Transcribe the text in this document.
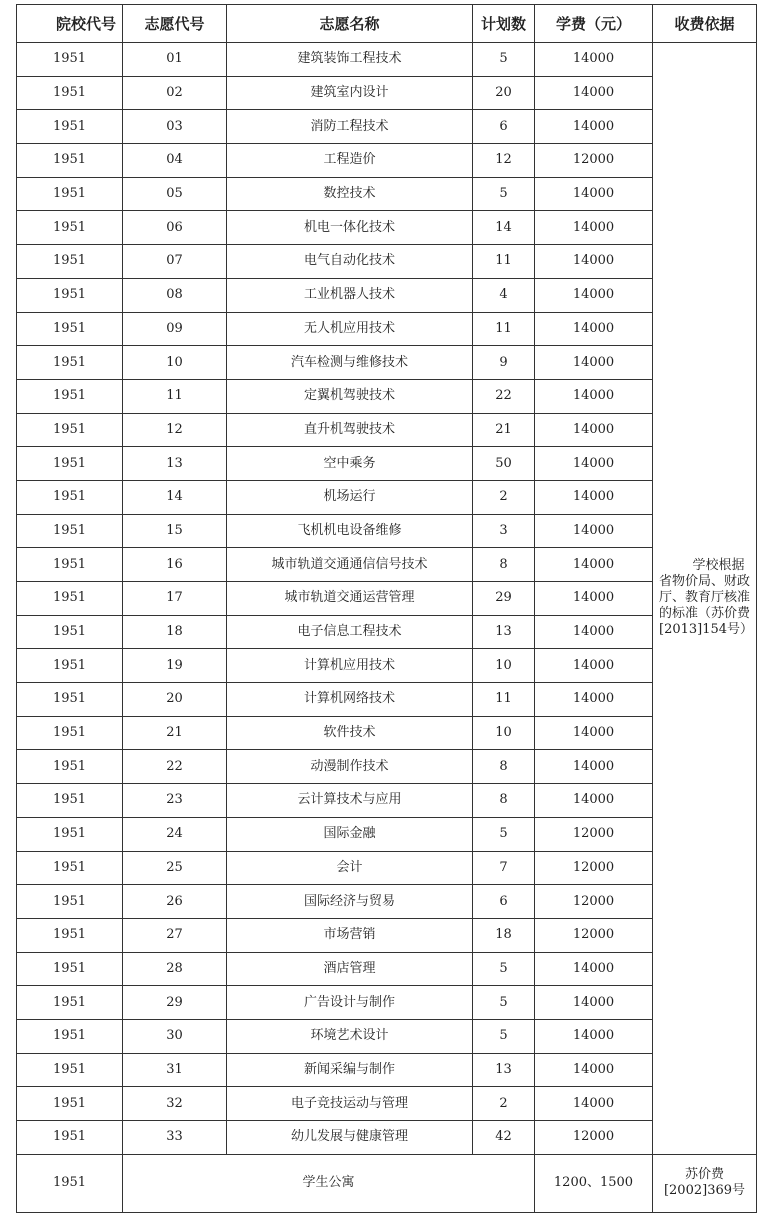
院校代号	志愿代号	志愿名称	计划数	学费（元）	收费依据
1951	01	建筑装饰工程技术	5	14000	学校根据省物价局、财政厅、教育厅核准的标准（苏价费[2013]154号）
1951	02	建筑室内设计	20	14000	
1951	03	消防工程技术	6	14000	
1951	04	工程造价	12	12000	
1951	05	数控技术	5	14000	
1951	06	机电一体化技术	14	14000	
1951	07	电气自动化技术	11	14000	
1951	08	工业机器人技术	4	14000	
1951	09	无人机应用技术	11	14000	
1951	10	汽车检测与维修技术	9	14000	
1951	11	定翼机驾驶技术	22	14000	
1951	12	直升机驾驶技术	21	14000	
1951	13	空中乘务	50	14000	
1951	14	机场运行	2	14000	
1951	15	飞机机电设备维修	3	14000	
1951	16	城市轨道交通通信信号技术	8	14000	
1951	17	城市轨道交通运营管理	29	14000	
1951	18	电子信息工程技术	13	14000	
1951	19	计算机应用技术	10	14000	
1951	20	计算机网络技术	11	14000	
1951	21	软件技术	10	14000	
1951	22	动漫制作技术	8	14000	
1951	23	云计算技术与应用	8	14000	
1951	24	国际金融	5	12000	
1951	25	会计	7	12000	
1951	26	国际经济与贸易	6	12000	
1951	27	市场营销	18	12000	
1951	28	酒店管理	5	14000	
1951	29	广告设计与制作	5	14000	
1951	30	环境艺术设计	5	14000	
1951	31	新闻采编与制作	13	14000	
1951	32	电子竞技运动与管理	2	14000	
1951	33	幼儿发展与健康管理	42	12000	
1951	学生公寓			1200、1500	苏价费[2002]369号
